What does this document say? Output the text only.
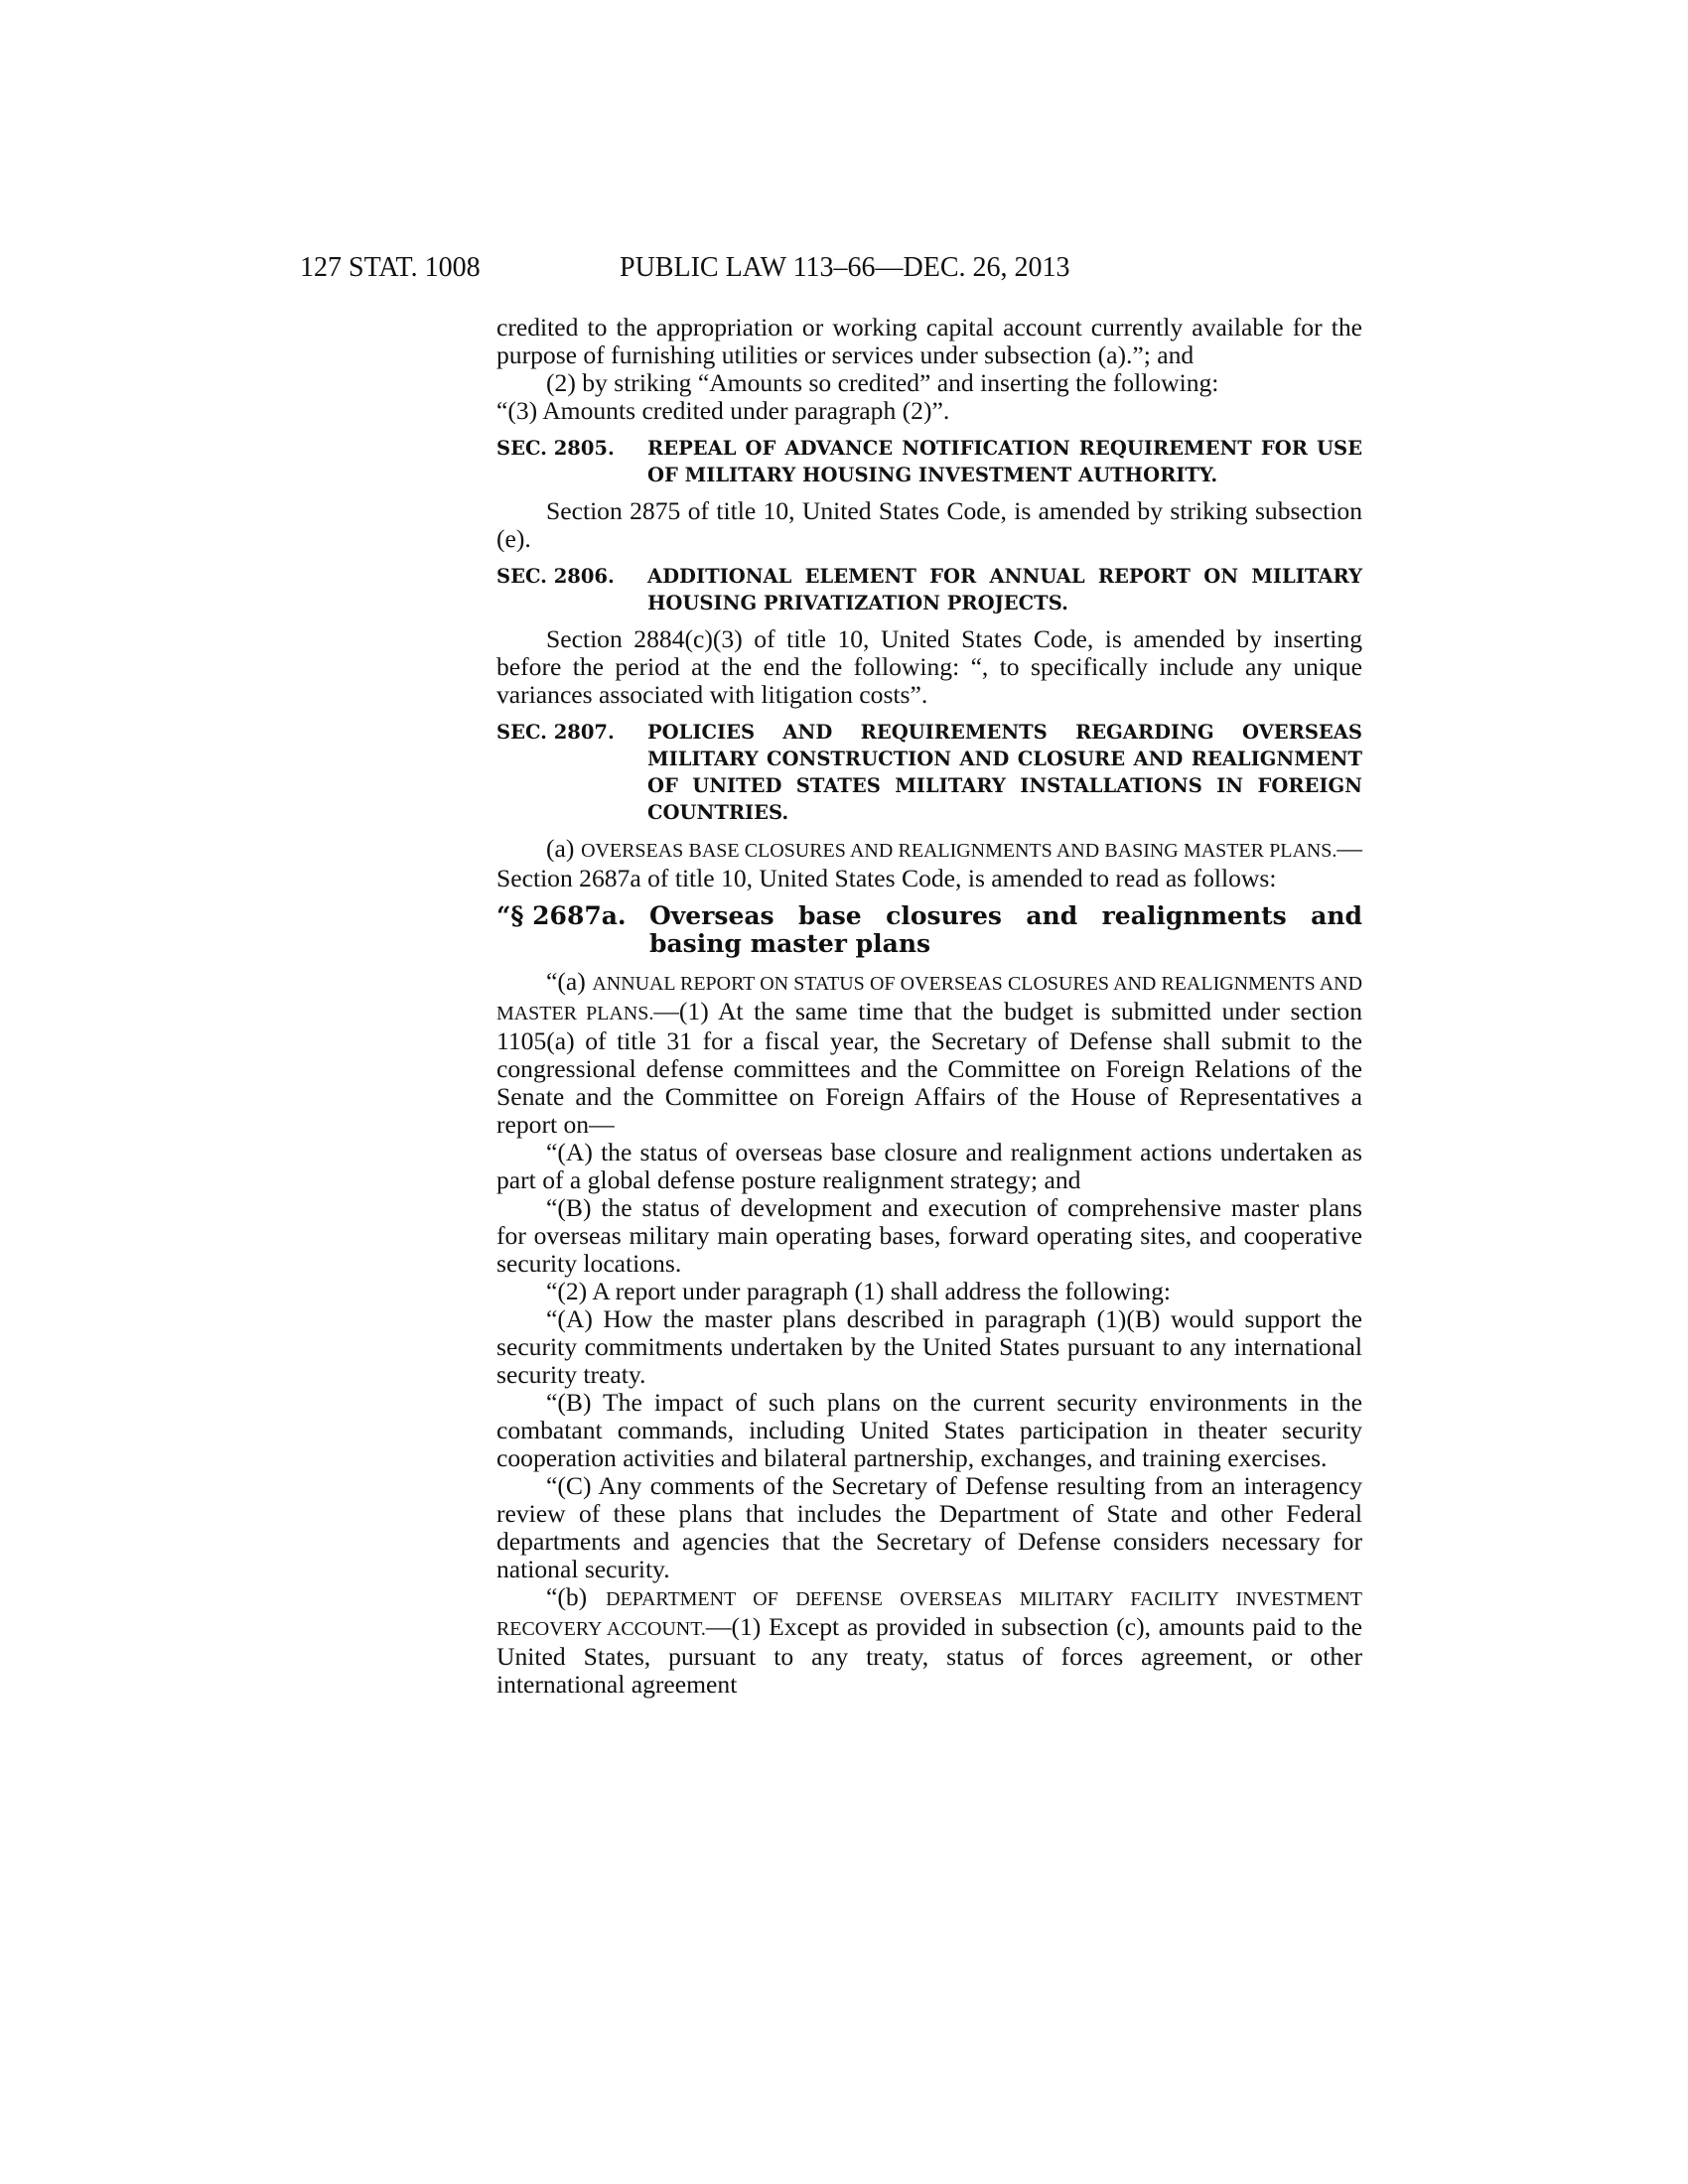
127 STAT. 1008	PUBLIC LAW 113–66—DEC. 26, 2013

credited to the appropriation or working capital account currently available for the purpose of furnishing utilities or services under subsection (a).”; and

(2) by striking “Amounts so credited” and inserting the following:

“(3) Amounts credited under paragraph (2)”.

SEC. 2805. REPEAL OF ADVANCE NOTIFICATION REQUIREMENT FOR USE OF MILITARY HOUSING INVESTMENT AUTHORITY.

Section 2875 of title 10, United States Code, is amended by striking subsection (e).

SEC. 2806. ADDITIONAL ELEMENT FOR ANNUAL REPORT ON MILITARY HOUSING PRIVATIZATION PROJECTS.

Section 2884(c)(3) of title 10, United States Code, is amended by inserting before the period at the end the following: “, to specifically include any unique variances associated with litigation costs”.

SEC. 2807. POLICIES AND REQUIREMENTS REGARDING OVERSEAS MILITARY CONSTRUCTION AND CLOSURE AND REALIGNMENT OF UNITED STATES MILITARY INSTALLATIONS IN FOREIGN COUNTRIES.

(a) OVERSEAS BASE CLOSURES AND REALIGNMENTS AND BASING MASTER PLANS.—Section 2687a of title 10, United States Code, is amended to read as follows:

“§ 2687a. Overseas base closures and realignments and basing master plans

“(a) ANNUAL REPORT ON STATUS OF OVERSEAS CLOSURES AND REALIGNMENTS AND MASTER PLANS.—(1) At the same time that the budget is submitted under section 1105(a) of title 31 for a fiscal year, the Secretary of Defense shall submit to the congressional defense committees and the Committee on Foreign Relations of the Senate and the Committee on Foreign Affairs of the House of Representatives a report on—

“(A) the status of overseas base closure and realignment actions undertaken as part of a global defense posture realignment strategy; and

“(B) the status of development and execution of comprehensive master plans for overseas military main operating bases, forward operating sites, and cooperative security locations.

“(2) A report under paragraph (1) shall address the following:

“(A) How the master plans described in paragraph (1)(B) would support the security commitments undertaken by the United States pursuant to any international security treaty.

“(B) The impact of such plans on the current security environments in the combatant commands, including United States participation in theater security cooperation activities and bilateral partnership, exchanges, and training exercises.

“(C) Any comments of the Secretary of Defense resulting from an interagency review of these plans that includes the Department of State and other Federal departments and agencies that the Secretary of Defense considers necessary for national security.

“(b) DEPARTMENT OF DEFENSE OVERSEAS MILITARY FACILITY INVESTMENT RECOVERY ACCOUNT.—(1) Except as provided in subsection (c), amounts paid to the United States, pursuant to any treaty, status of forces agreement, or other international agreement
